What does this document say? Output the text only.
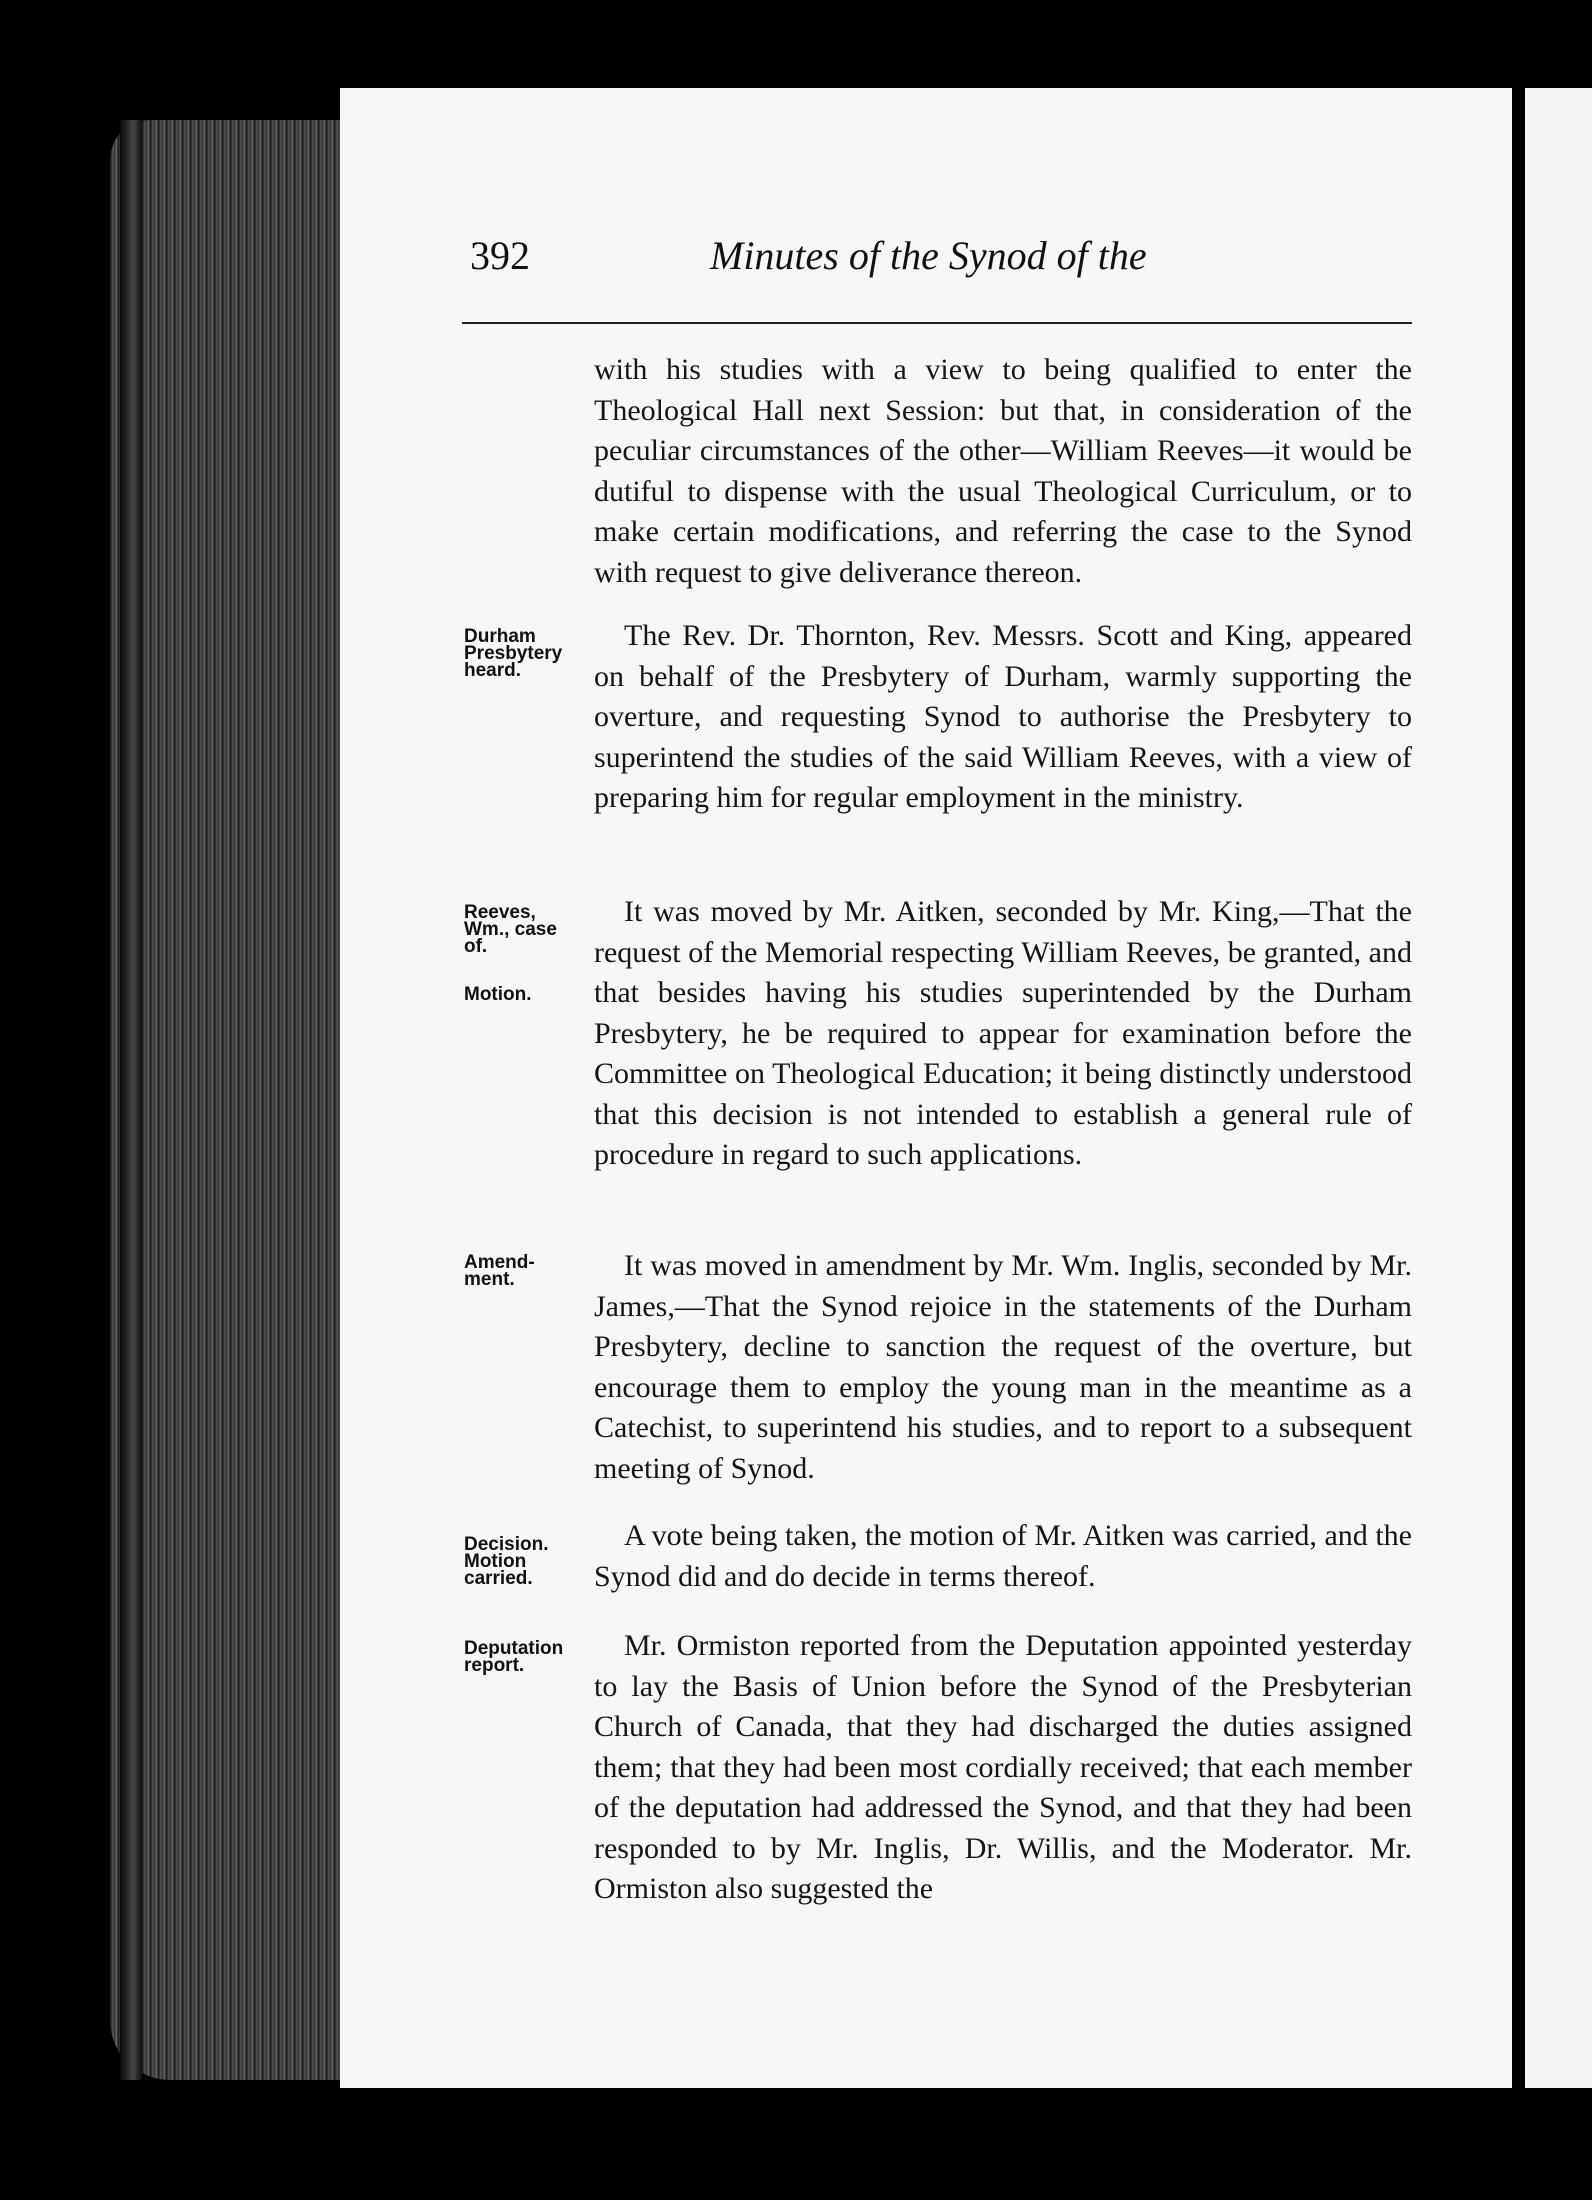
392	Minutes of the Synod of the
with his studies with a view to being qualified to enter the Theological Hall next Session: but that, in consideration of the peculiar circumstances of the other—William Reeves—it would be dutiful to dispense with the usual Theological Curriculum, or to make certain modifications, and referring the case to the Synod with request to give deliverance thereon.
The Rev. Dr. Thornton, Rev. Messrs. Scott and King, appeared on behalf of the Presbytery of Durham, warmly supporting the overture, and requesting Synod to authorise the Presbytery to superintend the studies of the said William Reeves, with a view of preparing him for regular employment in the ministry.
It was moved by Mr. Aitken, seconded by Mr. King,—That the request of the Memorial respecting William Reeves, be granted, and that besides having his studies superintended by the Durham Presbytery, he be required to appear for examination before the Committee on Theological Education; it being distinctly understood that this decision is not intended to establish a general rule of procedure in regard to such applications.
It was moved in amendment by Mr. Wm. Inglis, seconded by Mr. James,—That the Synod rejoice in the statements of the Durham Presbytery, decline to sanction the request of the overture, but encourage them to employ the young man in the meantime as a Catechist, to superintend his studies, and to report to a subsequent meeting of Synod.
A vote being taken, the motion of Mr. Aitken was carried, and the Synod did and do decide in terms thereof.
Mr. Ormiston reported from the Deputation appointed yesterday to lay the Basis of Union before the Synod of the Presbyterian Church of Canada, that they had discharged the duties assigned them; that they had been most cordially received; that each member of the deputation had addressed the Synod, and that they had been responded to by Mr. Inglis, Dr. Willis, and the Moderator. Mr. Ormiston also suggested the
Durham Presbytery heard.
Reeves, Wm., case of.
Motion.
Amend- ment.
Decision. Motion carried.
Deputation report.
